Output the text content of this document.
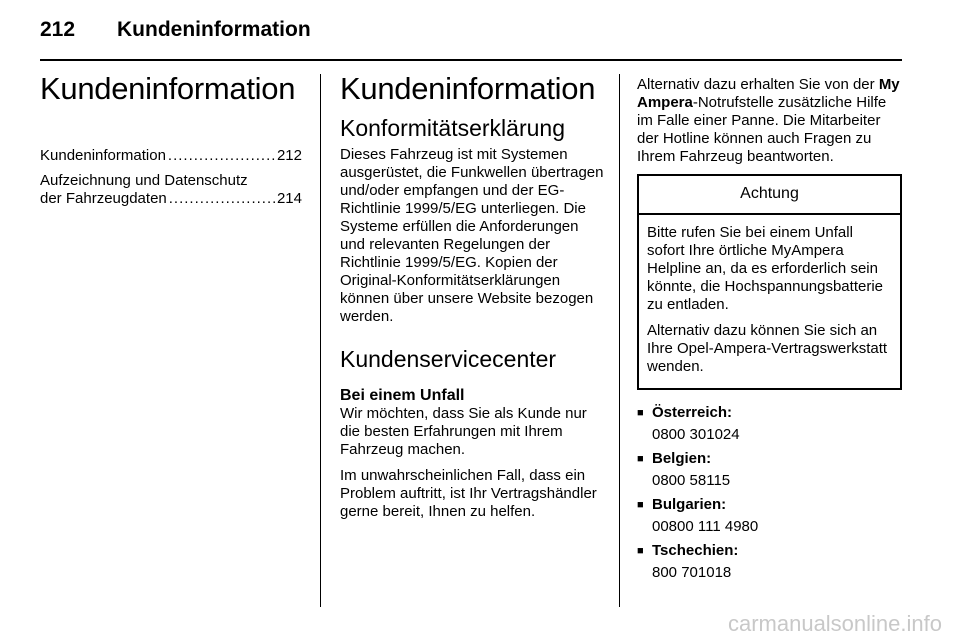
212 Kundeninformation
Kundeninformation
Kundeninformation .....	212
Aufzeichnung und Datenschutz
der Fahrzeugdaten .....	214
Kundeninformation
Konformitätserklärung

Dieses Fahrzeug ist mit Systemen ausgerüstet, die Funkwellen übertragen und/oder empfangen und der EG-Richtlinie 1999/5/EG unterliegen. Die Systeme erfüllen die Anforderungen und relevanten Regelungen der Richtlinie 1999/5/EG. Kopien der Original-Konformitätserklärungen können über unsere Website bezogen werden.

Kundenservicecenter
Bei einem Unfall

Wir möchten, dass Sie als Kunde nur die besten Erfahrungen mit Ihrem Fahrzeug machen.

Im unwahrscheinlichen Fall, dass ein Problem auftritt, ist Ihr Vertragshändler gerne bereit, Ihnen zu helfen.

Alternativ dazu erhalten Sie von der My Ampera-Notrufstelle zusätzliche Hilfe im Falle einer Panne. Die Mitarbeiter der Hotline können auch Fragen zu Ihrem Fahrzeug beantworten.

Achtung

Bitte rufen Sie bei einem Unfall sofort Ihre örtliche MyAmpera Helpline an, da es erforderlich sein könnte, die Hochspannungsbatterie zu entladen.

Alternativ dazu können Sie sich an Ihre Opel-Ampera-Vertragswerkstatt wenden.

■ Österreich:
0800 301024
■ Belgien:
0800 58115
■ Bulgarien:
00800 111 4980
■ Tschechien:
800 701018
carmanualsonline.info
